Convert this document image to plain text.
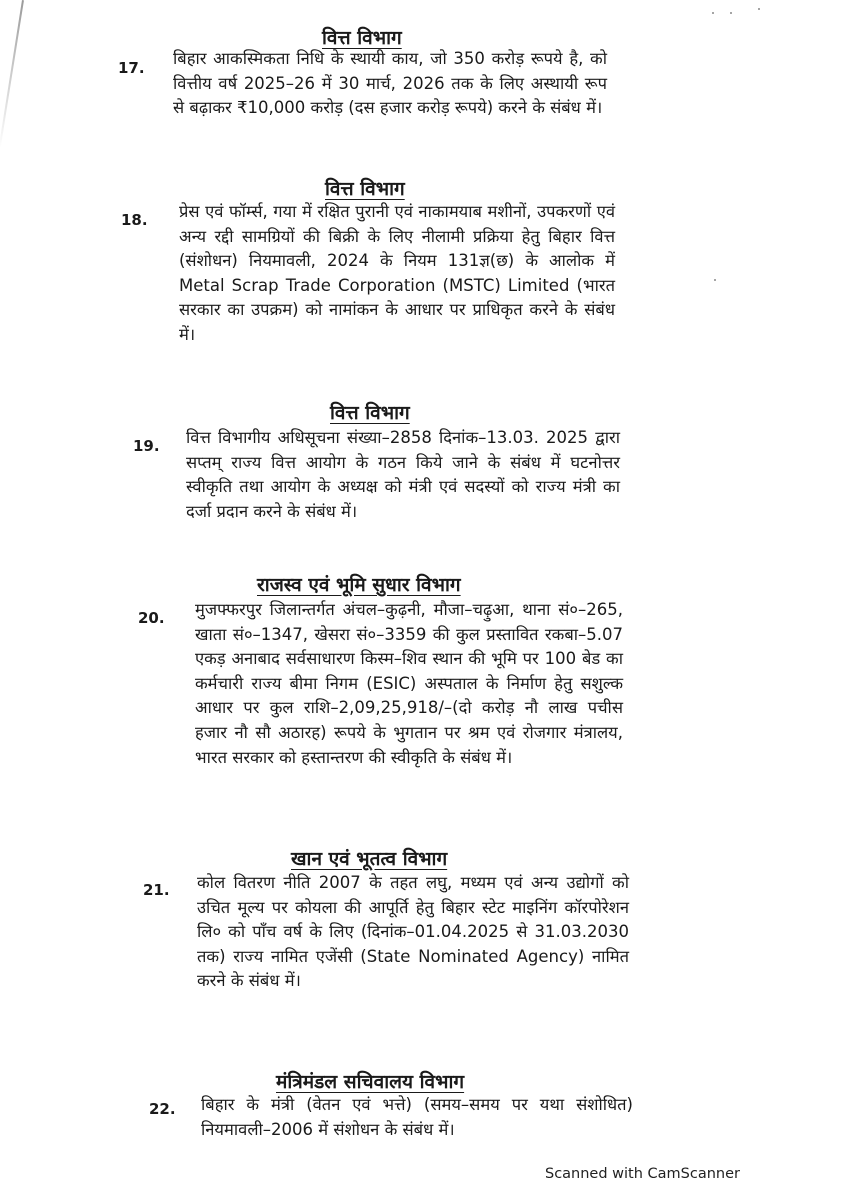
वित्त विभाग
17. बिहार आकस्मिकता निधि के स्थायी काय, जो 350 करोड़ रूपये है, को वित्तीय वर्ष 2025–26 में 30 मार्च, 2026 तक के लिए अस्थायी रूप से बढ़ाकर ₹10,000 करोड़ (दस हजार करोड़ रूपये) करने के संबंध में।
वित्त विभाग
18. प्रेस एवं फॉर्म्स, गया में रक्षित पुरानी एवं नाकामयाब मशीनों, उपकरणों एवं अन्य रद्दी सामग्रियों की बिक्री के लिए नीलामी प्रक्रिया हेतु बिहार वित्त (संशोधन) नियमावली, 2024 के नियम 131ज्ञ(छ) के आलोक में Metal Scrap Trade Corporation (MSTC) Limited (भारत सरकार का उपक्रम) को नामांकन के आधार पर प्राधिकृत करने के संबंध में।
वित्त विभाग
19. वित्त विभागीय अधिसूचना संख्या–2858 दिनांक–13.03. 2025 द्वारा सप्तम् राज्य वित्त आयोग के गठन किये जाने के संबंध में घटनोत्तर स्वीकृति तथा आयोग के अध्यक्ष को मंत्री एवं सदस्यों को राज्य मंत्री का दर्जा प्रदान करने के संबंध में।
राजस्व एवं भूमि सुधार विभाग
20. मुजफ्फरपुर जिलान्तर्गत अंचल–कुढ़नी, मौजा–चढ़ुआ, थाना सं०–265, खाता सं०–1347, खेसरा सं०–3359 की कुल प्रस्तावित रकबा–5.07 एकड़ अनाबाद सर्वसाधारण किस्म–शिव स्थान की भूमि पर 100 बेड का कर्मचारी राज्य बीमा निगम (ESIC) अस्पताल के निर्माण हेतु सशुल्क आधार पर कुल राशि–2,09,25,918/–(दो करोड़ नौ लाख पचीस हजार नौ सौ अठारह) रूपये के भुगतान पर श्रम एवं रोजगार मंत्रालय, भारत सरकार को हस्तान्तरण की स्वीकृति के संबंध में।
खान एवं भूतत्व विभाग
21. कोल वितरण नीति 2007 के तहत लघु, मध्यम एवं अन्य उद्योगों को उचित मूल्य पर कोयला की आपूर्ति हेतु बिहार स्टेट माइनिंग कॉरपोरेशन लि० को पाँच वर्ष के लिए (दिनांक–01.04.2025 से 31.03.2030 तक) राज्य नामित एजेंसी (State Nominated Agency) नामित करने के संबंध में।
मंत्रिमंडल सचिवालय विभाग
22. बिहार के मंत्री (वेतन एवं भत्ते) (समय–समय पर यथा संशोधित) नियमावली–2006 में संशोधन के संबंध में।
Scanned with CamScanner
